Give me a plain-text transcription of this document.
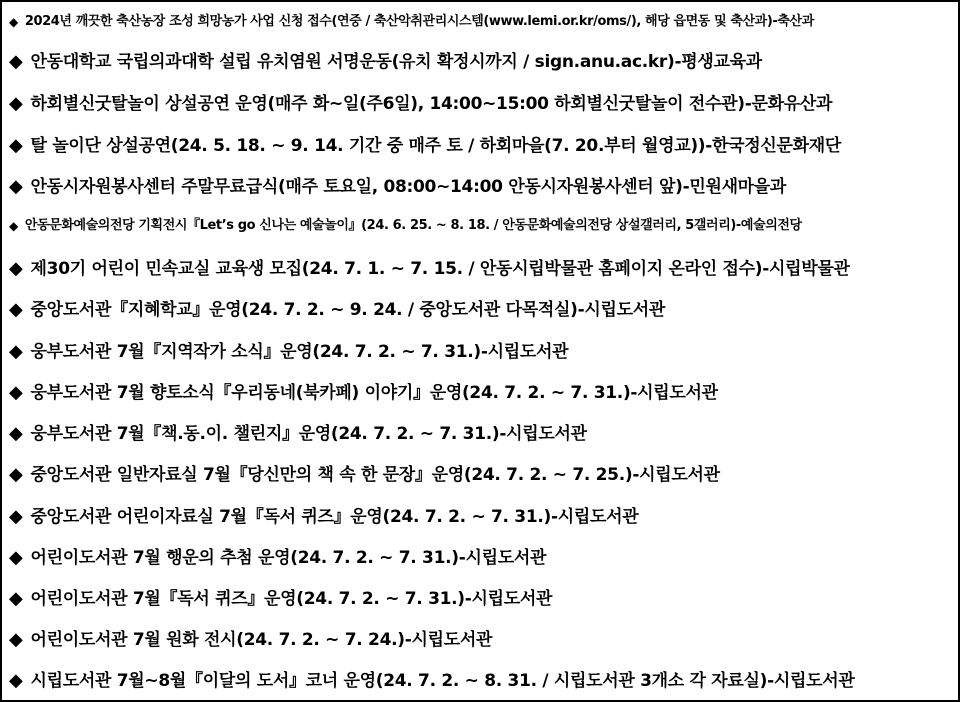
◆ 2024년 깨끗한 축산농장 조성 희망농가 사업 신청 접수(연중 / 축산악취관리시스템(www.lemi.or.kr/oms/), 해당 읍면동 및 축산과)-축산과
◆ 안동대학교 국립의과대학 설립 유치염원 서명운동(유치 확정시까지 / sign.anu.ac.kr)-평생교육과
◆ 하회별신굿탈놀이 상설공연 운영(매주 화~일(주6일), 14:00~15:00 하회별신굿탈놀이 전수관)-문화유산과
◆ 탈 놀이단 상설공연(24. 5. 18. ~ 9. 14. 기간 중 매주 토 / 하회마을(7. 20.부터 월영교))-한국정신문화재단
◆ 안동시자원봉사센터 주말무료급식(매주 토요일, 08:00~14:00 안동시자원봉사센터 앞)-민원새마을과
◆ 안동문화예술의전당 기획전시『Let’s go 신나는 예술놀이』(24. 6. 25. ~ 8. 18. / 안동문화예술의전당 상설갤러리, 5갤러리)-예술의전당
◆ 제30기 어린이 민속교실 교육생 모집(24. 7. 1. ~ 7. 15. / 안동시립박물관 홈페이지 온라인 접수)-시립박물관
◆ 중앙도서관『지혜학교』운영(24. 7. 2. ~ 9. 24. / 중앙도서관 다목적실)-시립도서관
◆ 웅부도서관 7월『지역작가 소식』운영(24. 7. 2. ~ 7. 31.)-시립도서관
◆ 웅부도서관 7월 향토소식『우리동네(북카페) 이야기』운영(24. 7. 2. ~ 7. 31.)-시립도서관
◆ 웅부도서관 7월『책.동.이. 챌린지』운영(24. 7. 2. ~ 7. 31.)-시립도서관
◆ 중앙도서관 일반자료실 7월『당신만의 책 속 한 문장』운영(24. 7. 2. ~ 7. 25.)-시립도서관
◆ 중앙도서관 어린이자료실 7월『독서 퀴즈』운영(24. 7. 2. ~ 7. 31.)-시립도서관
◆ 어린이도서관 7월 행운의 추첨 운영(24. 7. 2. ~ 7. 31.)-시립도서관
◆ 어린이도서관 7월『독서 퀴즈』운영(24. 7. 2. ~ 7. 31.)-시립도서관
◆ 어린이도서관 7월 원화 전시(24. 7. 2. ~ 7. 24.)-시립도서관
◆ 시립도서관 7월~8월『이달의 도서』코너 운영(24. 7. 2. ~ 8. 31. / 시립도서관 3개소 각 자료실)-시립도서관
